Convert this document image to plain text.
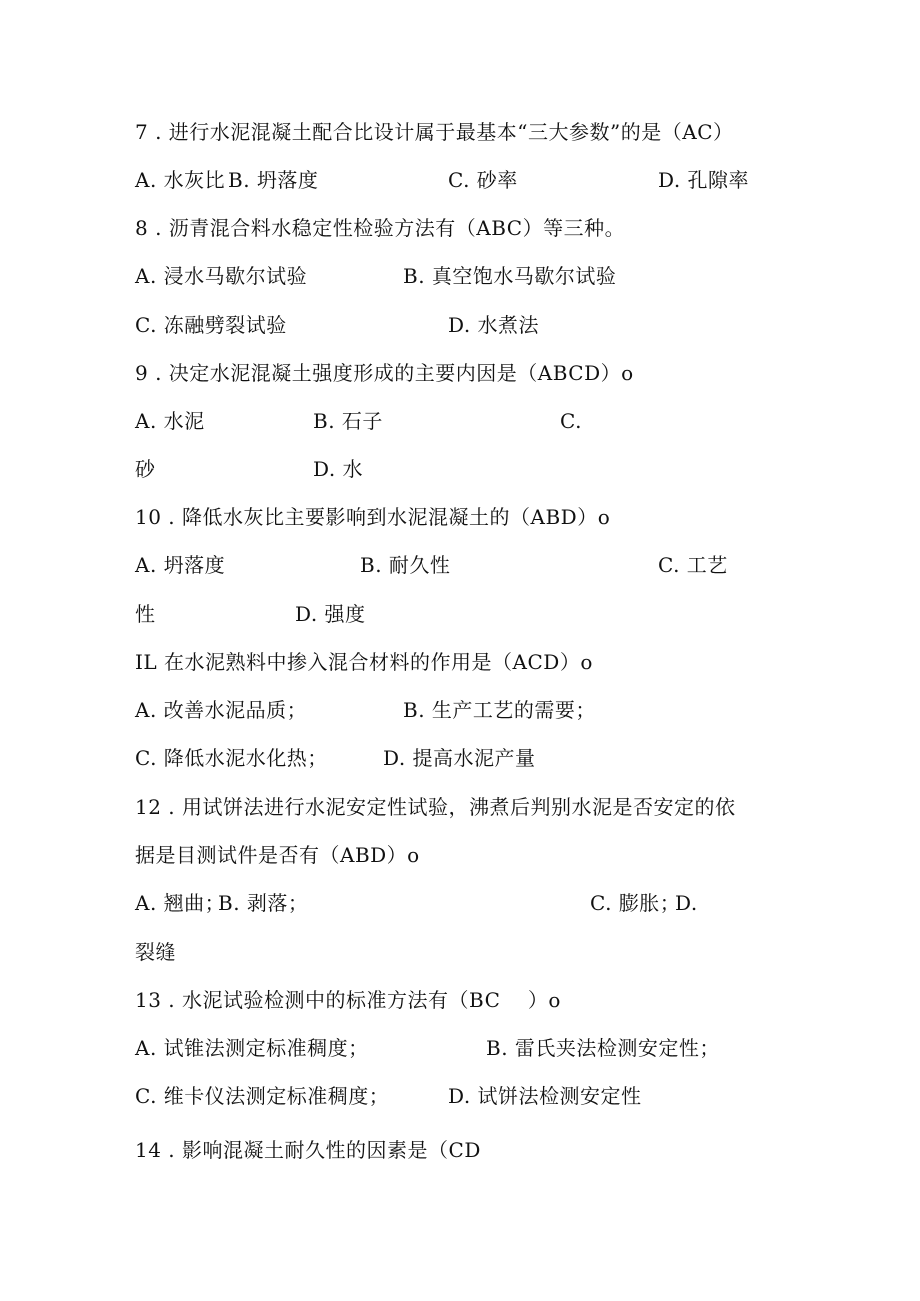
7 . 进行水泥混凝土配合比设计属于最基本“三大参数”的是（AC）
A. 水灰比 B. 坍落度	C. 砂率	D. 孔隙率
8 . 沥青混合料水稳定性检验方法有（ABC）等三种。
A. 浸水马歇尔试验	B. 真空饱水马歇尔试验
C. 冻融劈裂试验	D. 水煮法
9 . 决定水泥混凝土强度形成的主要内因是（ABCD）o
A. 水泥	B. 石子	C.
砂	D. 水
10 . 降低水灰比主要影响到水泥混凝土的（ABD）o
A. 坍落度	B. 耐久性	C. 工艺
性	D. 强度
IL 在水泥熟料中掺入混合材料的作用是（ACD）o
A. 改善水泥品质；	B. 生产工艺的需要；
C. 降低水泥水化热；	D. 提高水泥产量
12 . 用试饼法进行水泥安定性试验，沸煮后判别水泥是否安定的依
据是目测试件是否有（ABD）o
A. 翘曲；
B. 剥落；	C. 膨胀；
D.
裂缝
13 . 水泥试验检测中的标准方法有（BC    ）o
A. 试锥法测定标准稠度；	B. 雷氏夹法检测安定性；
C. 维卡仪法测定标准稠度；	D. 试饼法检测安定性
14 . 影响混凝土耐久性的因素是（CD
